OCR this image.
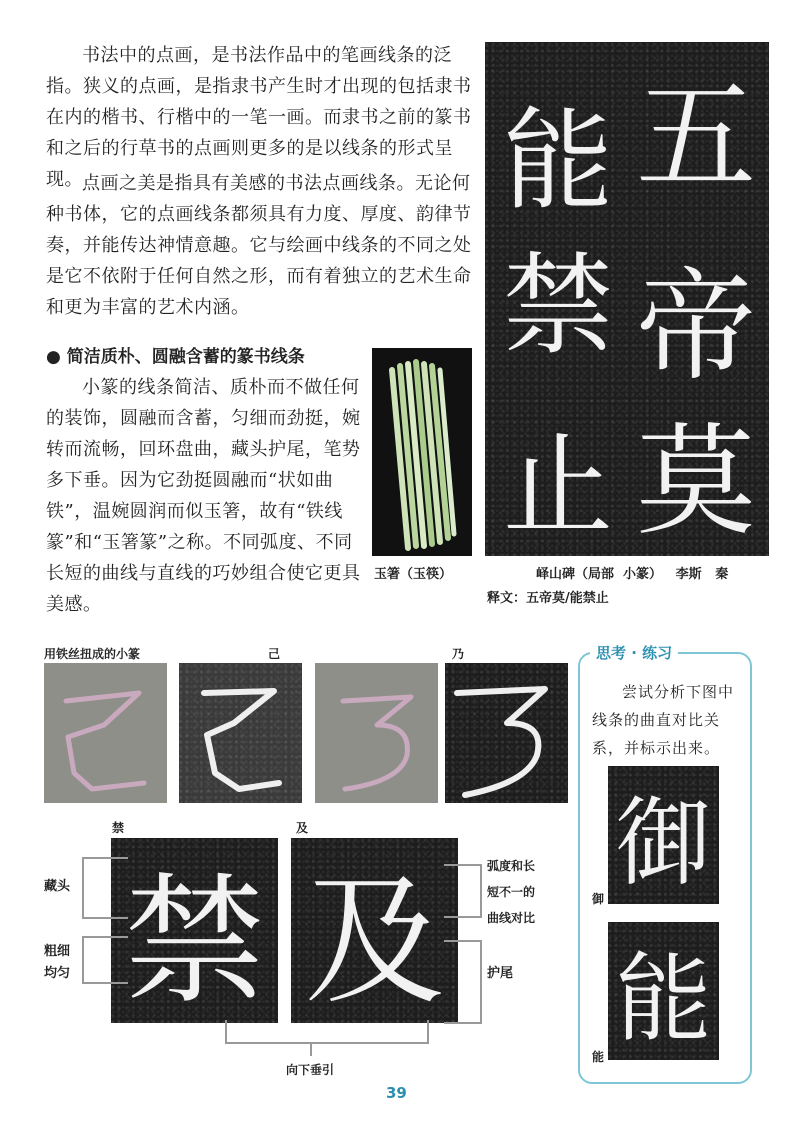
书法中的点画，是书法作品中的笔画线条的泛指。狭义的点画，是指隶书产生时才出现的包括隶书在内的楷书、行楷中的一笔一画。而隶书之前的篆书和之后的行草书的点画则更多的是以线条的形式呈现。 点画之美是指具有美感的书法点画线条。无论何种书体，它的点画线条都须具有力度、厚度、韵律节奏，并能传达神情意趣。它与绘画中线条的不同之处是它不依附于任何自然之形，而有着独立的艺术生命和更为丰富的艺术内涵。
五
能
帝
禁
莫
止
峄山碑（局部  小篆）   李斯   秦
释文：五帝莫/能禁止
● 简洁质朴、圆融含蓄的篆书线条
小篆的线条简洁、质朴而不做任何的装饰，圆融而含蓄，匀细而劲挺，婉转而流畅，回环盘曲，藏头护尾，笔势多下垂。因为它劲挺圆融而“状如曲铁”，温婉圆润而似玉箸，故有“铁线篆”和“玉箸篆”之称。不同弧度、不同长短的曲线与直线的巧妙组合使它更具美感。
玉箸（玉筷）
用铁丝扭成的小篆	己	乃
禁	及
禁 及
藏头
粗细
均匀
弧度和长
短不一的
曲线对比
护尾
向下垂引
思考 · 练习
尝试分析下图中线条的曲直对比关系，并标示出来。
御
御
能
能
39
